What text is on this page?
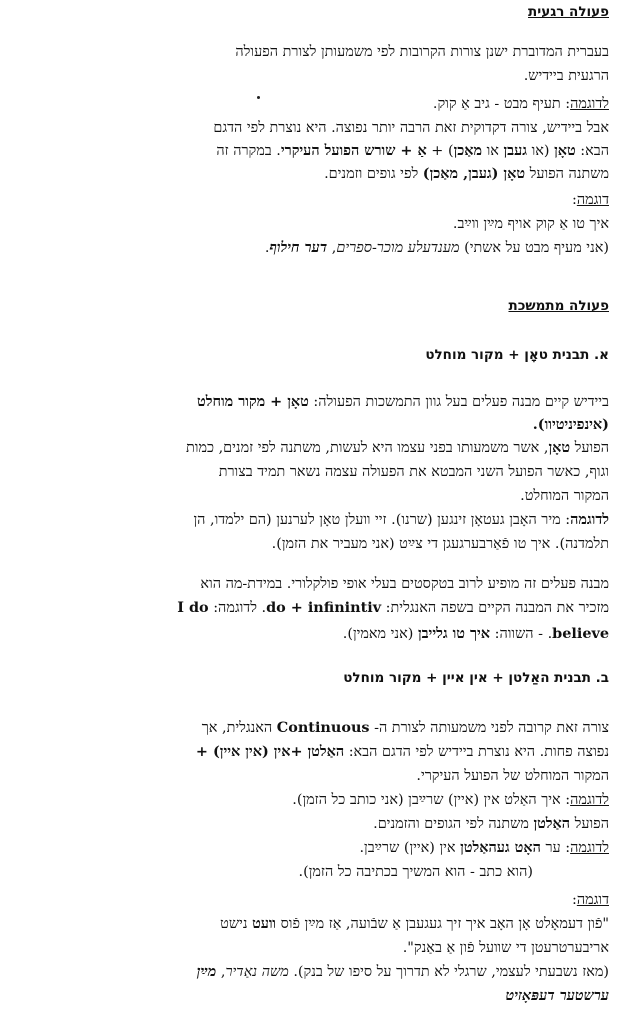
פעולה רגעית
בעברית המדוברת ישנן צורות הקרובות לפי משמעותן לצורת הפעולה
הרגעית ביידיש.
לדוגמה: תעיף מבט - גיב אַ קוק.
אבל ביידיש, צורה דקדוקית זאת הרבה יותר נפוצה. היא נוצרת לפי הדגם
הבא: טאָן (או געבן או מאַכן) + אַ + שורש הפועל העיקרי. במקרה זה
משתנה הפועל טאָן (געבן, מאַכן) לפי גופים וזמנים.
דוגמה:
איך טו אַ קוק אויף מײַן װײַב.
(אני מעיף מבט על אשתי) מענדעלע מוכר-ספרים, דער חילוף.
פעולה מתמשכת
א. תבנית טאָן + מקור מוחלט
ביידיש קיים מבנה פעלים בעל גוון התמשכות הפעולה: טאָן + מקור מוחלט
(אינפיניטיוו).
הפועל טאָן, אשר משמעותו בפני עצמו היא לעשות, משתנה לפי זמנים, כמות
וגוף, כאשר הפועל השני המבטא את הפעולה עצמה נשאר תמיד בצורת
המקור המוחלט.
לדוגמה: מיר האָבן געטאָן זינגען (שרנו). זיי װעלן טאָן לערנען (הם ילמדו, הן
תלמדנה). איך טו פֿאַרבערגעגן די צײַט (אני מעביר את הזמן).
מבנה פעלים זה מופיע לרוב בטקסטים בעלי אופי פולקלורי. במידת-מה הוא
מזכיר את המבנה הקיים בשפה האנגלית: do + infinintiv. לדוגמה: I do
believe. - השווה: איך טו גלייבן (אני מאמין).
ב. תבנית האַלטן + אין איין + מקור מוחלט
צורה זאת קרובה לפני משמעותה לצורת ה- Continuous האנגלית, אך
נפוצה פחות. היא נוצרת ביידיש לפי הדגם הבא: האַלטן +אין (אין איין) +
המקור המוחלט של הפועל העיקרי.
לדוגמה: איך האַלט אין (איין) שרײַבן (אני כותב כל הזמן).
הפועל האַלטן משתנה לפי הגופים והזמנים.
לדוגמה: ער האָט געהאַלטן אין (איין) שרײַבן.
(הוא כתב - הוא המשיך בכתיבה כל הזמן).
דוגמה:
"פֿון דעמאָלט אָן האָב איך זיך געגעבן אַ שבֿועה, אַז מײַן פֿוס װעט נישט
אריבערטרעטן די שװעל פֿון אַ באַנק".
(מאז נשבעתי לעצמי, שרגלי לא תדרוך על סיפו של בנק). משה נאַדיר, מײַן
ערשטער דעפּאָזיט
